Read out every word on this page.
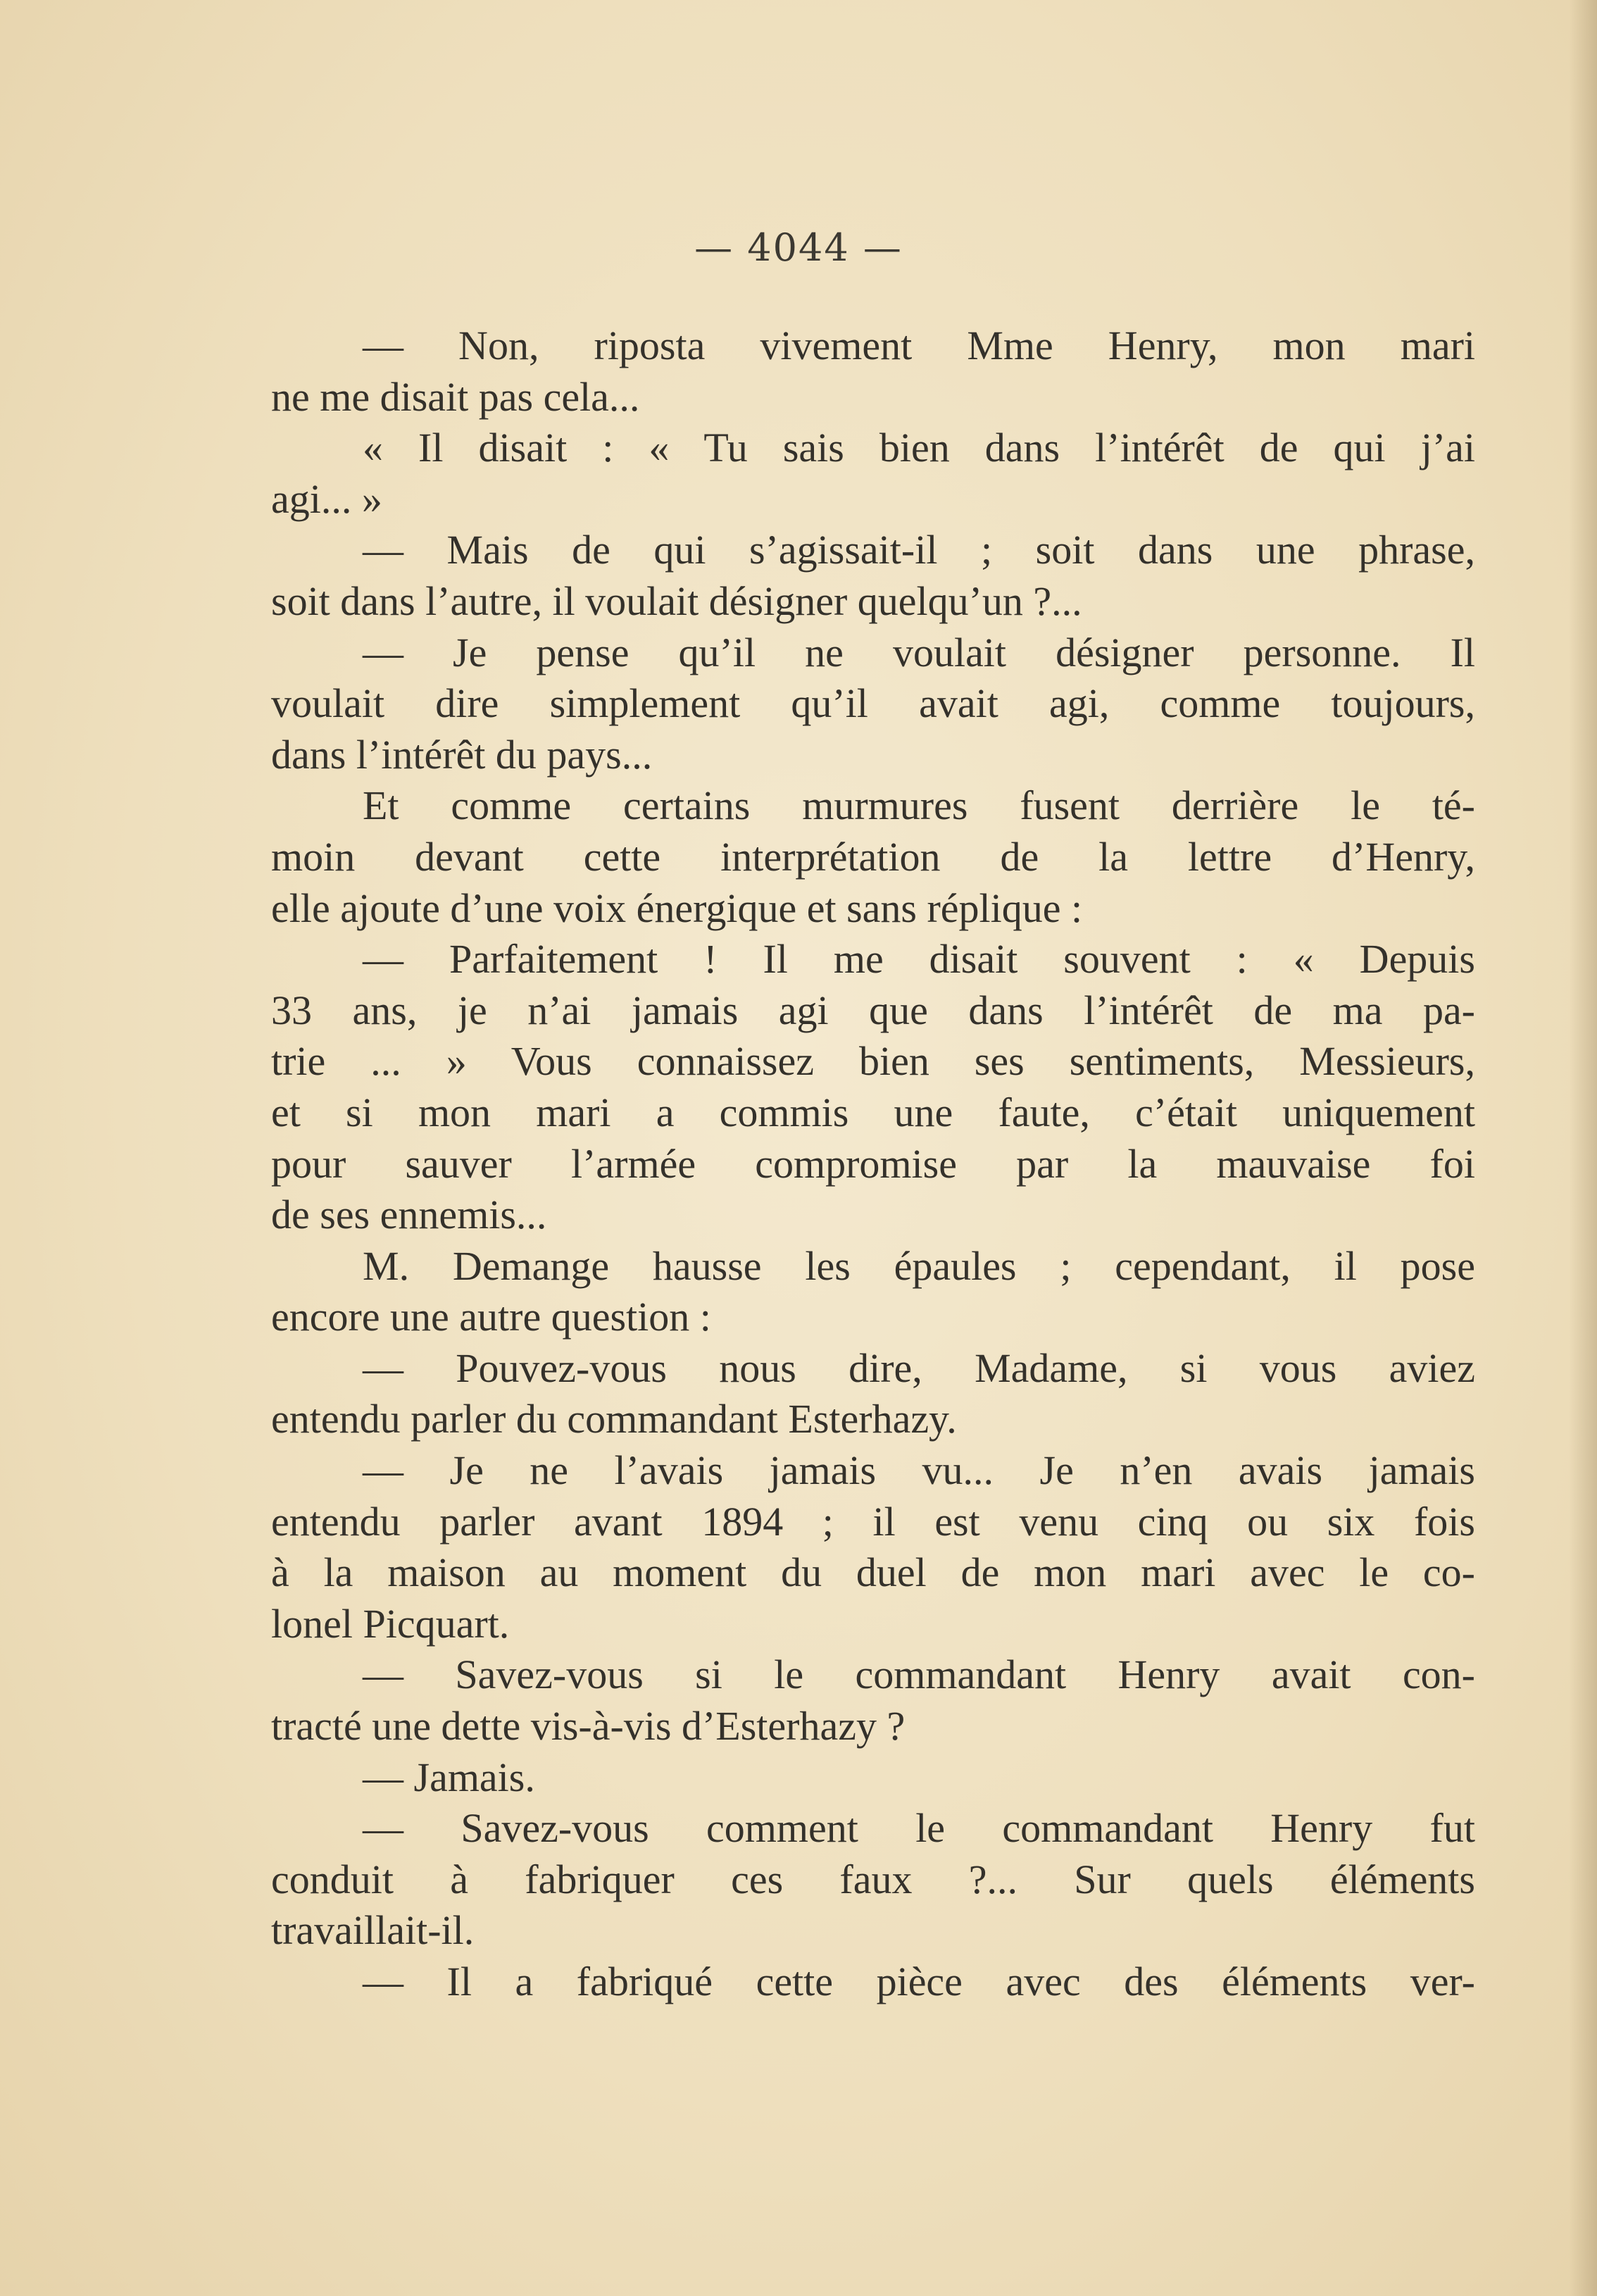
— 4044 —
— Non, riposta vivement Mme Henry, mon mari
ne me disait pas cela...
« Il disait : « Tu sais bien dans l’intérêt de qui j’ai
agi... »
— Mais de qui s’agissait-il ; soit dans une phrase,
soit dans l’autre, il voulait désigner quelqu’un ?...
— Je pense qu’il ne voulait désigner personne. Il
voulait dire simplement qu’il avait agi, comme toujours,
dans l’intérêt du pays...
Et comme certains murmures fusent derrière le té-
moin devant cette interprétation de la lettre d’Henry,
elle ajoute d’une voix énergique et sans réplique :
— Parfaitement ! Il me disait souvent : « Depuis
33 ans, je n’ai jamais agi que dans l’intérêt de ma pa-
trie ... » Vous connaissez bien ses sentiments, Messieurs,
et si mon mari a commis une faute, c’était uniquement
pour sauver l’armée compromise par la mauvaise foi
de ses ennemis...
M. Demange hausse les épaules ; cependant, il pose
encore une autre question :
— Pouvez-vous nous dire, Madame, si vous aviez
entendu parler du commandant Esterhazy.
— Je ne l’avais jamais vu... Je n’en avais jamais
entendu parler avant 1894 ; il est venu cinq ou six fois
à la maison au moment du duel de mon mari avec le co-
lonel Picquart.
— Savez-vous si le commandant Henry avait con-
tracté une dette vis-à-vis d’Esterhazy ?
— Jamais.
— Savez-vous comment le commandant Henry fut
conduit à fabriquer ces faux ?... Sur quels éléments
travaillait-il.
— Il a fabriqué cette pièce avec des éléments ver-
